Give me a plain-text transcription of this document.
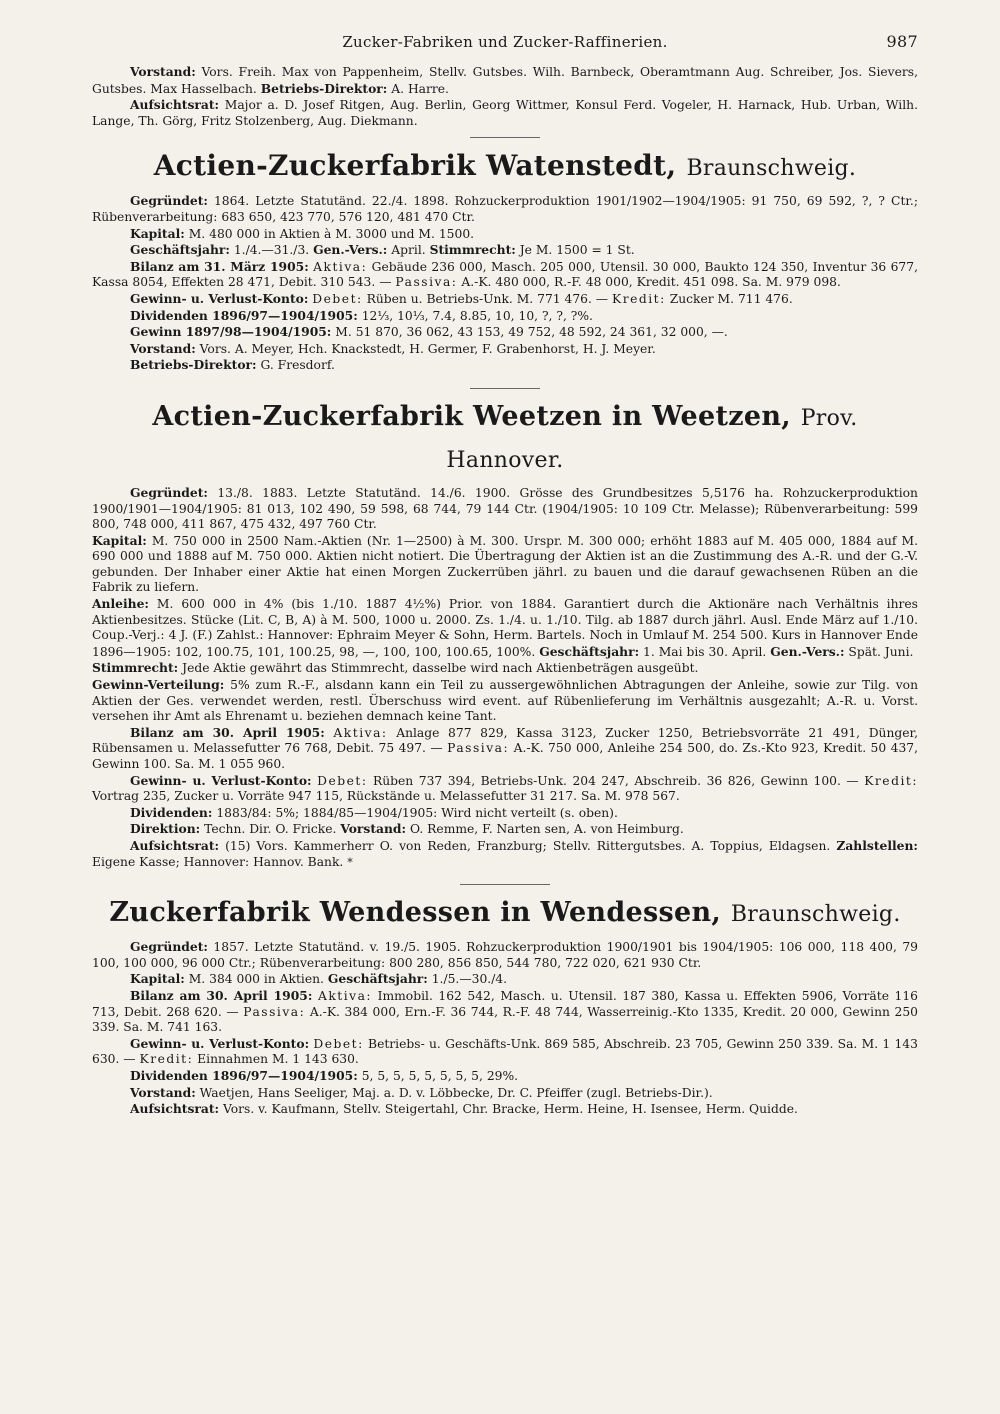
Zucker-Fabriken und Zucker-Raffinerien.	987

Vorstand: Vors. Freih. Max von Pappenheim, Stellv. Gutsbes. Wilh. Barnbeck, Oberamtmann Aug. Schreiber, Jos. Sievers, Gutsbes. Max Hasselbach. Betriebs-Direktor: A. Harre.

Aufsichtsrat: Major a. D. Josef Ritgen, Aug. Berlin, Georg Wittmer, Konsul Ferd. Vogeler, H. Harnack, Hub. Urban, Wilh. Lange, Th. Görg, Fritz Stolzenberg, Aug. Diekmann.

Actien-Zuckerfabrik Watenstedt, Braunschweig.

Gegründet: 1864. Letzte Statutänd. 22./4. 1898. Rohzuckerproduktion 1901/1902—1904/1905: 91 750, 69 592, ?, ? Ctr.; Rübenverarbeitung: 683 650, 423 770, 576 120, 481 470 Ctr.

Kapital: M. 480 000 in Aktien à M. 3000 und M. 1500.

Geschäftsjahr: 1./4.—31./3. Gen.-Vers.: April. Stimmrecht: Je M. 1500 = 1 St.

Bilanz am 31. März 1905: Aktiva: Gebäude 236 000, Masch. 205 000, Utensil. 30 000, Baukto 124 350, Inventur 36 677, Kassa 8054, Effekten 28 471, Debit. 310 543. — Passiva: A.-K. 480 000, R.-F. 48 000, Kredit. 451 098. Sa. M. 979 098.

Gewinn- u. Verlust-Konto: Debet: Rüben u. Betriebs-Unk. M. 771 476. — Kredit: Zucker M. 711 476.

Dividenden 1896/97—1904/1905: 12⅓, 10⅓, 7.4, 8.85, 10, 10, ?, ?, ?%.

Gewinn 1897/98—1904/1905: M. 51 870, 36 062, 43 153, 49 752, 48 592, 24 361, 32 000, —.

Vorstand: Vors. A. Meyer, Hch. Knackstedt, H. Germer, F. Grabenhorst, H. J. Meyer.

Betriebs-Direktor: G. Fresdorf.

Actien-Zuckerfabrik Weetzen in Weetzen, Prov. Hannover.

Gegründet: 13./8. 1883. Letzte Statutänd. 14./6. 1900. Grösse des Grundbesitzes 5,5176 ha. Rohzuckerproduktion 1900/1901—1904/1905: 81 013, 102 490, 59 598, 68 744, 79 144 Ctr. (1904/1905: 10 109 Ctr. Melasse); Rübenverarbeitung: 599 800, 748 000, 411 867, 475 432, 497 760 Ctr.

Kapital: M. 750 000 in 2500 Nam.-Aktien (Nr. 1—2500) à M. 300. Urspr. M. 300 000; erhöht 1883 auf M. 405 000, 1884 auf M. 690 000 und 1888 auf M. 750 000. Aktien nicht notiert. Die Übertragung der Aktien ist an die Zustimmung des A.-R. und der G.-V. gebunden. Der Inhaber einer Aktie hat einen Morgen Zuckerrüben jährl. zu bauen und die darauf gewachsenen Rüben an die Fabrik zu liefern.

Anleihe: M. 600 000 in 4% (bis 1./10. 1887 4½%) Prior. von 1884. Garantiert durch die Aktionäre nach Verhältnis ihres Aktienbesitzes. Stücke (Lit. C, B, A) à M. 500, 1000 u. 2000. Zs. 1./4. u. 1./10. Tilg. ab 1887 durch jährl. Ausl. Ende März auf 1./10. Coup.-Verj.: 4 J. (F.) Zahlst.: Hannover: Ephraim Meyer & Sohn, Herm. Bartels. Noch in Umlauf M. 254 500. Kurs in Hannover Ende 1896—1905: 102, 100.75, 101, 100.25, 98, —, 100, 100, 100.65, 100%. Geschäftsjahr: 1. Mai bis 30. April. Gen.-Vers.: Spät. Juni.

Stimmrecht: Jede Aktie gewährt das Stimmrecht, dasselbe wird nach Aktienbeträgen ausgeübt.

Gewinn-Verteilung: 5% zum R.-F., alsdann kann ein Teil zu aussergewöhnlichen Abtragungen der Anleihe, sowie zur Tilg. von Aktien der Ges. verwendet werden, restl. Überschuss wird event. auf Rübenlieferung im Verhältnis ausgezahlt; A.-R. u. Vorst. versehen ihr Amt als Ehrenamt u. beziehen demnach keine Tant.

Bilanz am 30. April 1905: Aktiva: Anlage 877 829, Kassa 3123, Zucker 1250, Betriebsvorräte 21 491, Dünger, Rübensamen u. Melassefutter 76 768, Debit. 75 497. — Passiva: A.-K. 750 000, Anleihe 254 500, do. Zs.-Kto 923, Kredit. 50 437, Gewinn 100. Sa. M. 1 055 960.

Gewinn- u. Verlust-Konto: Debet: Rüben 737 394, Betriebs-Unk. 204 247, Abschreib. 36 826, Gewinn 100. — Kredit: Vortrag 235, Zucker u. Vorräte 947 115, Rückstände u. Melassefutter 31 217. Sa. M. 978 567.

Dividenden: 1883/84: 5%; 1884/85—1904/1905: Wird nicht verteilt (s. oben).

Direktion: Techn. Dir. O. Fricke. Vorstand: O. Remme, F. Narten sen, A. von Heimburg.

Aufsichtsrat: (15) Vors. Kammerherr O. von Reden, Franzburg; Stellv. Rittergutsbes. A. Toppius, Eldagsen. Zahlstellen: Eigene Kasse; Hannover: Hannov. Bank. *

Zuckerfabrik Wendessen in Wendessen, Braunschweig.

Gegründet: 1857. Letzte Statutänd. v. 19./5. 1905. Rohzuckerproduktion 1900/1901 bis 1904/1905: 106 000, 118 400, 79 100, 100 000, 96 000 Ctr.; Rübenverarbeitung: 800 280, 856 850, 544 780, 722 020, 621 930 Ctr.

Kapital: M. 384 000 in Aktien. Geschäftsjahr: 1./5.—30./4.

Bilanz am 30. April 1905: Aktiva: Immobil. 162 542, Masch. u. Utensil. 187 380, Kassa u. Effekten 5906, Vorräte 116 713, Debit. 268 620. — Passiva: A.-K. 384 000, Ern.-F. 36 744, R.-F. 48 744, Wasserreinig.-Kto 1335, Kredit. 20 000, Gewinn 250 339. Sa. M. 741 163.

Gewinn- u. Verlust-Konto: Debet: Betriebs- u. Geschäfts-Unk. 869 585, Abschreib. 23 705, Gewinn 250 339. Sa. M. 1 143 630. — Kredit: Einnahmen M. 1 143 630.

Dividenden 1896/97—1904/1905: 5, 5, 5, 5, 5, 5, 5, 5, 29%.

Vorstand: Waetjen, Hans Seeliger, Maj. a. D. v. Löbbecke, Dr. C. Pfeiffer (zugl. Betriebs-Dir.).

Aufsichtsrat: Vors. v. Kaufmann, Stellv. Steigertahl, Chr. Bracke, Herm. Heine, H. Isensee, Herm. Quidde.
